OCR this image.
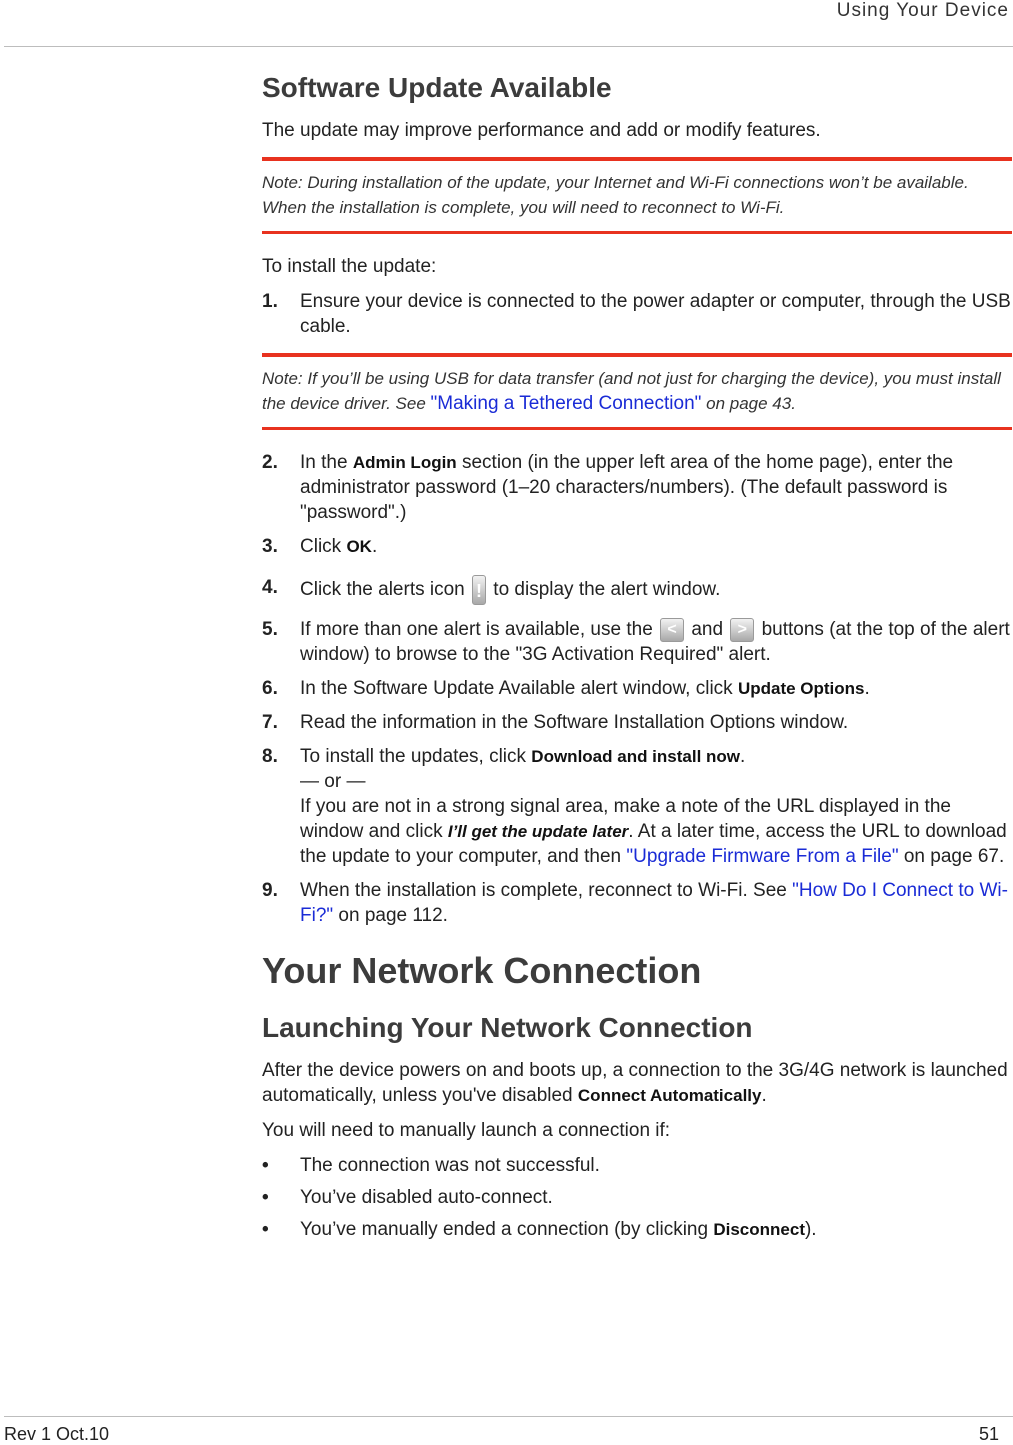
Using Your Device
Software Update Available

The update may improve performance and add or modify features.

Note: During installation of the update, your Internet and Wi-Fi connections won’t be available.

When the installation is complete, you will need to reconnect to Wi-Fi.

To install the update:

1.	Ensure your device is connected to the power adapter or computer, through the USB cable.

Note: If you’ll be using USB for data transfer (and not just for charging the device), you must install the device driver. See "Making a Tethered Connection" on page 43.

2.	In the Admin Login section (in the upper left area of the home page), enter the administrator password (1–20 characters/numbers). (The default password is "password".)
3.	Click OK.
4.	Click the alerts icon ! to display the alert window.
5.	If more than one alert is available, use the < and > buttons (at the top of the alert window) to browse to the "3G Activation Required" alert.
6.	In the Software Update Available alert window, click Update Options.
7.	Read the information in the Software Installation Options window.
8.	To install the updates, click Download and install now.
— or —
If you are not in a strong signal area, make a note of the URL displayed in the window and click I’ll get the update later. At a later time, access the URL to download the update to your computer, and then "Upgrade Firmware From a File" on page 67.
9.	When the installation is complete, reconnect to Wi-Fi. See "How Do I Connect to Wi-Fi?" on page 112.
Your Network Connection
Launching Your Network Connection

After the device powers on and boots up, a connection to the 3G/4G network is launched automatically, unless you've disabled Connect Automatically.

You will need to manually launch a connection if:

•	The connection was not successful.
•	You’ve disabled auto-connect.
•	You’ve manually ended a connection (by clicking Disconnect).
Rev 1 Oct.10	51
